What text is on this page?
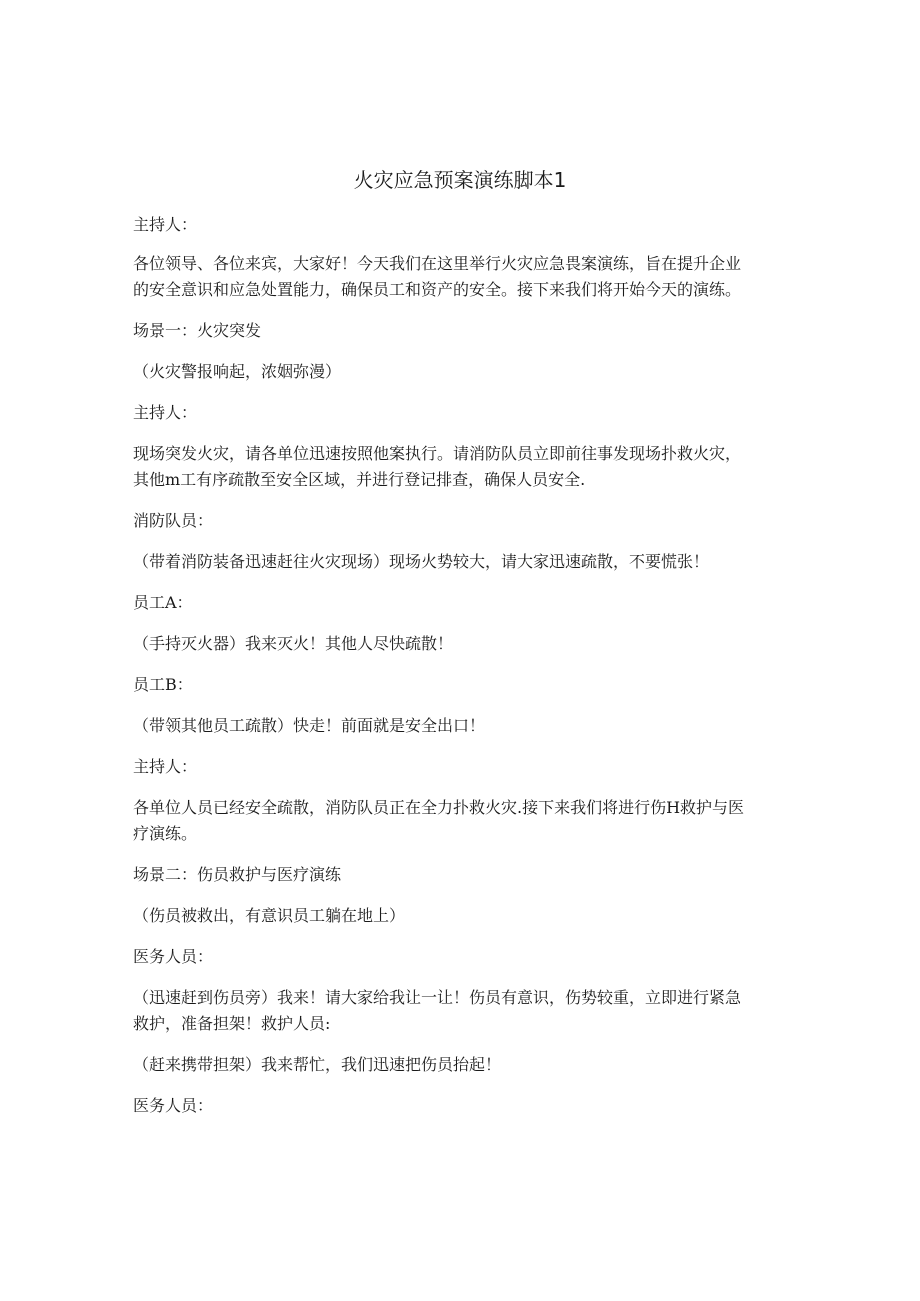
火灾应急预案演练脚本1

主持人：

各位领导、各位来宾，大家好！今天我们在这里举行火灾应急畏案演练，旨在提升企业
的安全意识和应急处置能力，确保员工和资产的安全。接下来我们将开始今天的演练。

场景一：火灾突发

（火灾警报响起，浓姻弥漫）

主持人：

现场突发火灾，请各单位迅速按照他案执行。请消防队员立即前往事发现场扑救火灾，
其他m工有序疏散至安全区域，并进行登记排查，确保人员安全.

消防队员：

（带着消防装备迅速赶往火灾现场）现场火势较大，请大家迅速疏散，不要慌张！

员工A：

（手持灭火器）我来灭火！其他人尽快疏散！

员工B：

（带领其他员工疏散）快走！前面就是安全出口！

主持人：

各单位人员已经安全疏散，消防队员正在全力扑救火灾.接下来我们将进行伤H救护与医
疗演练。

场景二：伤员救护与医疗演练

（伤员被救出，有意识员工躺在地上）

医务人员：

（迅速赶到伤员旁）我来！请大家给我让一让！伤员有意识，伤势较重，立即进行紧急
救护，准备担架！救护人员:

（赶来携带担架）我来帮忙，我们迅速把伤员抬起！

医务人员：
